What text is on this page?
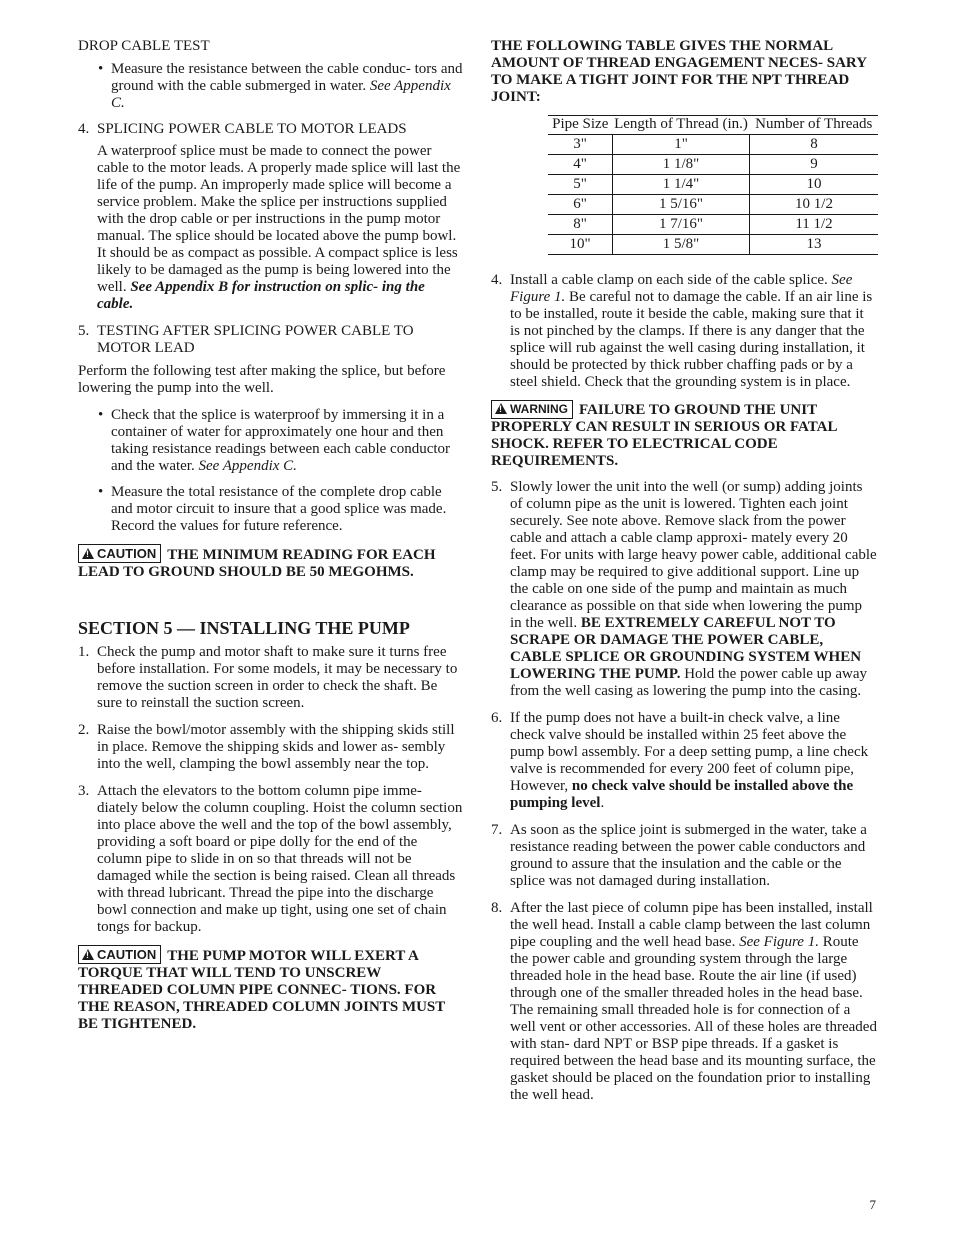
DROP CABLE TEST

• Measure the resistance between the cable conduc- tors and ground with the cable submerged in water. See Appendix C.
4. SPLICING POWER CABLE TO MOTOR LEADS
A waterproof splice must be made to connect the power cable to the motor leads. A properly made splice will last the life of the pump. An improperly made splice will become a service problem. Make the splice per instructions supplied with the drop cable or per instructions in the pump motor manual. The splice should be located above the pump bowl. It should be as compact as possible. A compact splice is less likely to be damaged as the pump is being lowered into the well. See Appendix B for instruction on splic- ing the cable.
5. TESTING AFTER SPLICING POWER CABLE TO MOTOR LEAD

Perform the following test after making the splice, but before lowering the pump into the well.

• Check that the splice is waterproof by immersing it in a container of water for approximately one hour and then taking resistance readings between each cable conductor and the water. See Appendix C.
• Measure the total resistance of the complete drop cable and motor circuit to insure that a good splice was made. Record the values for future reference.
! CAUTION THE MINIMUM READING FOR EACH LEAD TO GROUND SHOULD BE 50 MEGOHMS.

SECTION 5 — INSTALLING THE PUMP

1. Check the pump and motor shaft to make sure it turns free before installation. For some models, it may be necessary to remove the suction screen in order to check the shaft. Be sure to reinstall the suction screen.
2. Raise the bowl/motor assembly with the shipping skids still in place. Remove the shipping skids and lower as- sembly into the well, clamping the bowl assembly near the top.
3. Attach the elevators to the bottom column pipe imme- diately below the column coupling. Hoist the column section into place above the well and the top of the bowl assembly, providing a soft board or pipe dolly for the end of the column pipe to slide in on so that threads will not be damaged while the section is being raised. Clean all threads with thread lubricant. Thread the pipe into the discharge bowl connection and make up tight, using one set of chain tongs for backup.
! CAUTION THE PUMP MOTOR WILL EXERT A TORQUE THAT WILL TEND TO UNSCREW THREADED COLUMN PIPE CONNEC- TIONS. FOR THE REASON, THREADED COLUMN JOINTS MUST BE TIGHTENED.

THE FOLLOWING TABLE GIVES THE NORMAL AMOUNT OF THREAD ENGAGEMENT NECES- SARY TO MAKE A TIGHT JOINT FOR THE NPT THREAD JOINT:

Pipe Size	Length of Thread (in.)	Number of Threads
3"	1"	8
4"	1 1/8"	9
5"	1 1/4"	10
6"	1 5/16"	10 1/2
8"	1 7/16"	11 1/2
10"	1 5/8"	13
4. Install a cable clamp on each side of the cable splice. See Figure 1. Be careful not to damage the cable. If an air line is to be installed, route it beside the cable, making sure that it is not pinched by the clamps. If there is any danger that the splice will rub against the well casing during installation, it should be protected by thick rubber chaffing pads or by a steel shield. Check that the grounding system is in place.
! WARNING FAILURE TO GROUND THE UNIT PROPERLY CAN RESULT IN SERIOUS OR FATAL SHOCK. REFER TO ELECTRICAL CODE REQUIREMENTS.
5. Slowly lower the unit into the well (or sump) adding joints of column pipe as the unit is lowered. Tighten each joint securely. See note above. Remove slack from the power cable and attach a cable clamp approxi- mately every 20 feet. For units with large heavy power cable, additional cable clamp may be required to give additional support. Line up the cable on one side of the pump and maintain as much clearance as possible on that side when lowering the pump in the well. BE EXTREMELY CAREFUL NOT TO SCRAPE OR DAMAGE THE POWER CABLE, CABLE SPLICE OR GROUNDING SYSTEM WHEN LOWERING THE PUMP. Hold the power cable up away from the well casing as lowering the pump into the casing.
6. If the pump does not have a built-in check valve, a line check valve should be installed within 25 feet above the pump bowl assembly. For a deep setting pump, a line check valve is recommended for every 200 feet of column pipe, However, no check valve should be installed above the pumping level.
7. As soon as the splice joint is submerged in the water, take a resistance reading between the power cable conductors and ground to assure that the insulation and the cable or the splice was not damaged during installation.
8. After the last piece of column pipe has been installed, install the well head. Install a cable clamp between the last column pipe coupling and the well head base. See Figure 1. Route the power cable and grounding system through the large threaded hole in the head base. Route the air line (if used) through one of the smaller threaded holes in the head base. The remaining small threaded hole is for connection of a well vent or other accessories. All of these holes are threaded with stan- dard NPT or BSP pipe threads. If a gasket is required between the head base and its mounting surface, the gasket should be placed on the foundation prior to installing the well head.
7
